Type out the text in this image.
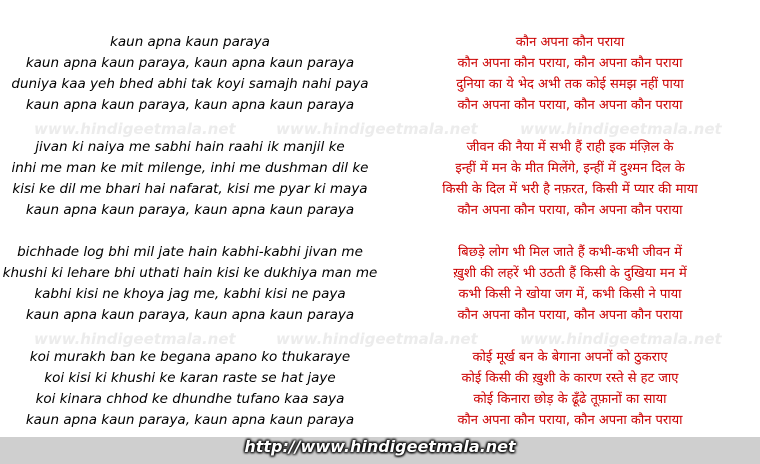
www.hindigeetmala.net	www.hindigeetmala.net	www.hindigeetmala.net
www.hindigeetmala.net	www.hindigeetmala.net	www.hindigeetmala.net
kaun apna kaun paraya
kaun apna kaun paraya, kaun apna kaun paraya
duniya kaa yeh bhed abhi tak koyi samajh nahi paya
kaun apna kaun paraya, kaun apna kaun paraya
jivan ki naiya me sabhi hain raahi ik manjil ke
inhi me man ke mit milenge, inhi me dushman dil ke
kisi ke dil me bhari hai nafarat, kisi me pyar ki maya
kaun apna kaun paraya, kaun apna kaun paraya
bichhade log bhi mil jate hain kabhi-kabhi jivan me
khushi ki lehare bhi uthati hain kisi ke dukhiya man me
kabhi kisi ne khoya jag me, kabhi kisi ne paya
kaun apna kaun paraya, kaun apna kaun paraya
koi murakh ban ke begana apano ko thukaraye
koi kisi ki khushi ke karan raste se hat jaye
koi kinara chhod ke dhundhe tufano kaa saya
kaun apna kaun paraya, kaun apna kaun paraya
कौन अपना कौन पराया
कौन अपना कौन पराया, कौन अपना कौन पराया
दुनिया का ये भेद अभी तक कोई समझ नहीं पाया
कौन अपना कौन पराया, कौन अपना कौन पराया
जीवन की नैया में सभी हैं राही इक मंज़िल के
इन्हीं में मन के मीत मिलेंगे, इन्हीं में दुश्मन दिल के
किसी के दिल में भरी है नफ़रत, किसी में प्यार की माया
कौन अपना कौन पराया, कौन अपना कौन पराया
बिछड़े लोग भी मिल जाते हैं कभी-कभी जीवन में
ख़ुशी की लहरें भी उठती हैं किसी के दुखिया मन में
कभी किसी ने खोया जग में, कभी किसी ने पाया
कौन अपना कौन पराया, कौन अपना कौन पराया
कोई मूर्ख बन के बेगाना अपनों को ठुकराए
कोई किसी की ख़ुशी के कारण रस्ते से हट जाए
कोई किनारा छोड़ के ढूँढे तूफ़ानों का साया
कौन अपना कौन पराया, कौन अपना कौन पराया
http://www.hindigeetmala.net
